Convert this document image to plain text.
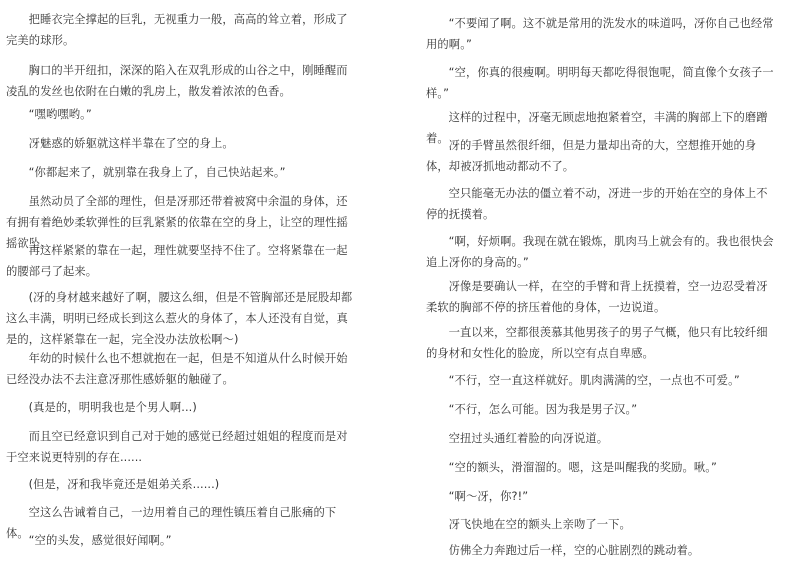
把睡衣完全撑起的巨乳，无视重力一般，高高的耸立着，形成了完美的球形。

胸口的半开纽扣，深深的陷入在双乳形成的山谷之中，刚睡醒而凌乱的发丝也依附在白嫩的乳房上，散发着浓浓的色香。

“嘿哟嘿哟。”

冴魅惑的娇躯就这样半靠在了空的身上。

“你都起来了，就别靠在我身上了，自己快站起来。”

虽然动员了全部的理性，但是冴那还带着被窝中余温的身体，还有拥有着绝妙柔软弹性的巨乳紧紧的依靠在空的身上，让空的理性摇摇欲坠。

再这样紧紧的靠在一起，理性就要坚持不住了。空将紧靠在一起的腰部弓了起来。

(冴的身材越来越好了啊，腰这么细，但是不管胸部还是屁股却都这么丰满，明明已经成长到这么惹火的身体了，本人还没有自觉，真是的，这样紧靠在一起，完全没办法放松啊～)

年幼的时候什么也不想就抱在一起，但是不知道从什么时候开始已经没办法不去注意冴那性感娇躯的触碰了。

(真是的，明明我也是个男人啊...)

而且空已经意识到自己对于她的感觉已经超过姐姐的程度而是对于空来说更特别的存在......

(但是，冴和我毕竟还是姐弟关系......)

空这么告诫着自己，一边用着自己的理性镇压着自己胀痛的下体。

“空的头发，感觉很好闻啊。”

“不要闻了啊。这不就是常用的洗发水的味道吗，冴你自己也经常用的啊。”

“空，你真的很瘦啊。明明每天都吃得很饱呢，简直像个女孩子一样。”

这样的过程中，冴毫无顾虑地抱紧着空，丰满的胸部上下的磨蹭着。

冴的手臂虽然很纤细，但是力量却出奇的大，空想推开她的身体，却被冴抓地动都动不了。

空只能毫无办法的僵立着不动，冴进一步的开始在空的身体上不停的抚摸着。

“啊，好烦啊。我现在就在锻炼，肌肉马上就会有的。我也很快会追上冴你的身高的。”

冴像是要确认一样，在空的手臂和背上抚摸着，空一边忍受着冴柔软的胸部不停的挤压着他的身体，一边说道。

一直以来，空都很羡慕其他男孩子的男子气概，他只有比较纤细的身材和女性化的脸庞，所以空有点自卑感。

“不行，空一直这样就好。肌肉满满的空，一点也不可爱。”

“不行，怎么可能。因为我是男子汉。”

空扭过头通红着脸的向冴说道。

“空的额头，滑溜溜的。嗯，这是叫醒我的奖励。啾。”

“啊～冴，你?!”

冴飞快地在空的额头上亲吻了一下。

仿佛全力奔跑过后一样，空的心脏剧烈的跳动着。
